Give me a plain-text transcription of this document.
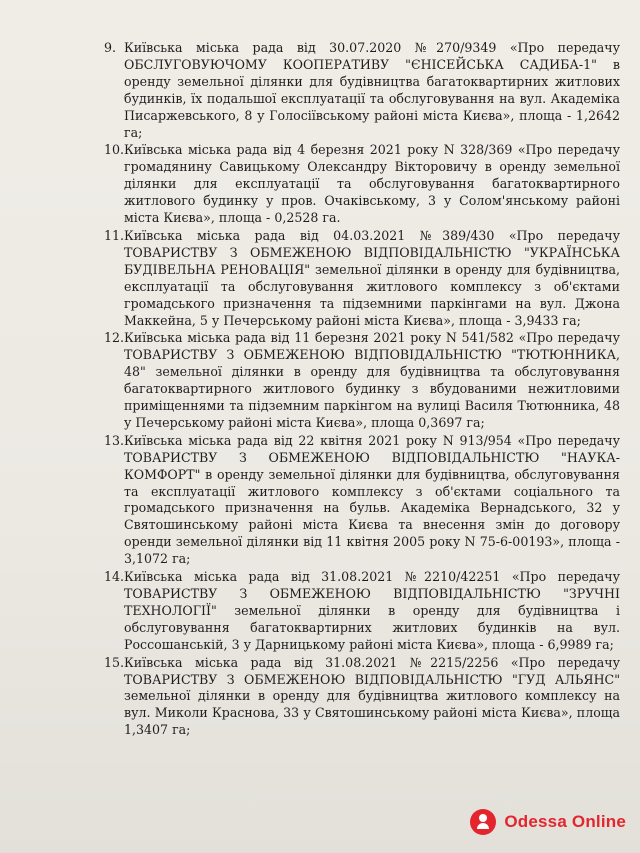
9. Київська міська рада від 30.07.2020 №270/9349 «Про передачу ОБСЛУГОВУЮЧОМУ КООПЕРАТИВУ "ЄНІСЕЙСЬКА САДИБА-1" в оренду земельної ділянки для будівництва багатоквартирних житлових будинків, їх подальшої експлуатації та обслуговування на вул. Академіка Писаржевського, 8 у Голосіївському районі міста Києва», площа - 1,2642 га;
10. Київська міська рада від 4 березня 2021 року N 328/369 «Про передачу громадянину Савицькому Олександру Вікторовичу в оренду земельної ділянки для експлуатації та обслуговування багатоквартирного житлового будинку у пров. Очаківському, 3 у Солом'янському районі міста Києва», площа - 0,2528 га.
11. Київська міська рада від 04.03.2021 №389/430 «Про передачу ТОВАРИСТВУ З ОБМЕЖЕНОЮ ВІДПОВІДАЛЬНІСТЮ "УКРАЇНСЬКА БУДІВЕЛЬНА РЕНОВАЦІЯ" земельної ділянки в оренду для будівництва, експлуатації та обслуговування житлового комплексу з об'єктами громадського призначення та підземними паркінгами на вул. Джона Маккейна, 5 у Печерському районі міста Києва», площа - 3,9433 га;
12. Київська міська рада від 11 березня 2021 року N 541/582 «Про передачу ТОВАРИСТВУ З ОБМЕЖЕНОЮ ВІДПОВІДАЛЬНІСТЮ "ТЮТЮННИКА, 48" земельної ділянки в оренду для будівництва та обслуговування багатоквартирного житлового будинку з вбудованими нежитловими приміщеннями та підземним паркінгом на вулиці Василя Тютюнника, 48 у Печерському районі міста Києва», площа 0,3697 га;
13. Київська міська рада від 22 квітня 2021 року N 913/954 «Про передачу ТОВАРИСТВУ З ОБМЕЖЕНОЮ ВІДПОВІДАЛЬНІСТЮ "НАУКА-КОМФОРТ" в оренду земельної ділянки для будівництва, обслуговування та експлуатації житлового комплексу з об'єктами соціального та громадського призначення на бульв. Академіка Вернадського, 32 у Святошинському районі міста Києва та внесення змін до договору оренди земельної ділянки від 11 квітня 2005 року N 75-6-00193», площа - 3,1072 га;
14. Київська міська рада від 31.08.2021 №2210/42251 «Про передачу ТОВАРИСТВУ З ОБМЕЖЕНОЮ ВІДПОВІДАЛЬНІСТЮ "ЗРУЧНІ ТЕХНОЛОГІЇ" земельної ділянки в оренду для будівництва і обслуговування багатоквартирних житлових будинків на вул. Россошанській, 3 у Дарницькому районі міста Києва», площа - 6,9989 га;
15. Київська міська рада від 31.08.2021 №2215/2256 «Про передачу ТОВАРИСТВУ З ОБМЕЖЕНОЮ ВІДПОВІДАЛЬНІСТЮ "ГУД АЛЬЯНС" земельної ділянки в оренду для будівництва житлового комплексу на вул. Миколи Краснова, 33 у Святошинському районі міста Києва», площа 1,3407 га;
Odessa Online
